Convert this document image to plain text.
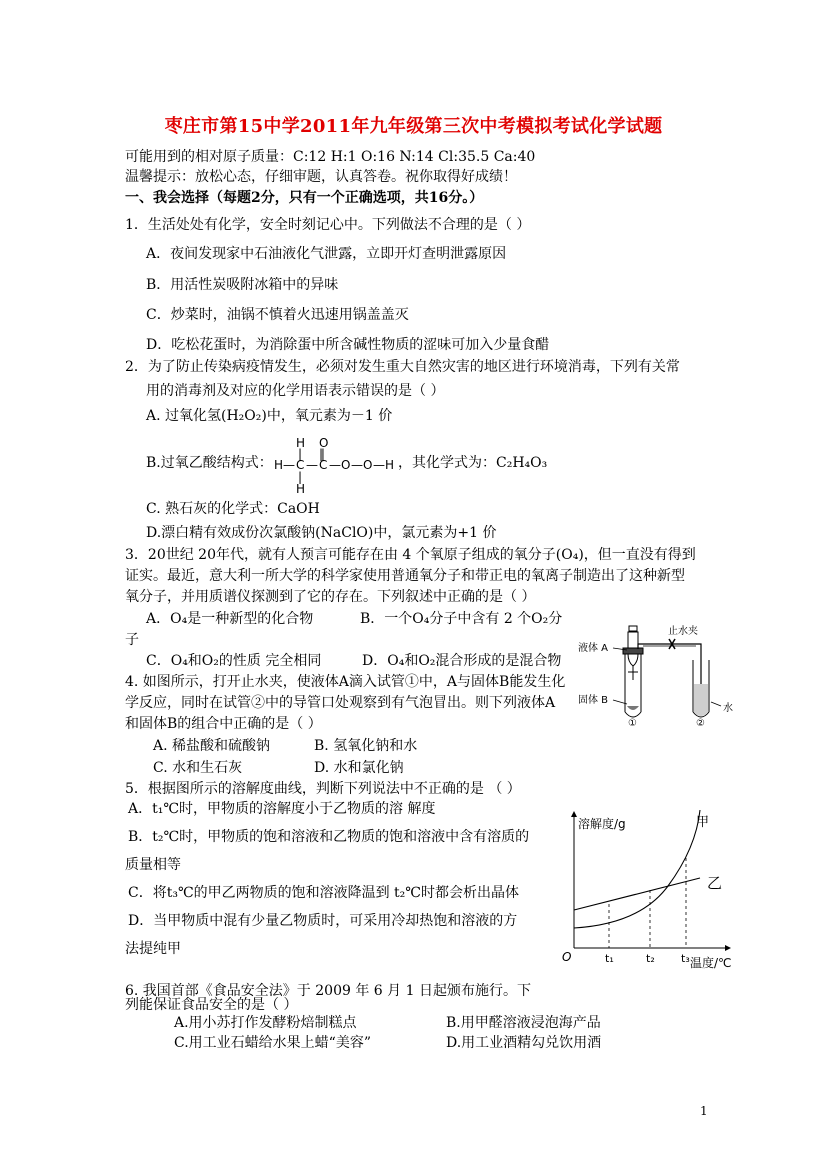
枣庄市第15中学2011年九年级第三次中考模拟考试化学试题
可能用到的相对原子质量：C:12 H:1 O:16 N:14 Cl:35.5 Ca:40
温馨提示：放松心态，仔细审题，认真答卷。祝你取得好成绩！
一、我会选择（每题2分，只有一个正确选项，共16分。）
1．生活处处有化学，安全时刻记心中。下列做法不合理的是（ ）
A．夜间发现家中石油液化气泄露，立即开灯查明泄露原因
B．用活性炭吸附冰箱中的异味
C．炒菜时，油锅不慎着火迅速用锅盖盖灭
D．吃松花蛋时，为消除蛋中所含碱性物质的涩味可加入少量食醋
2．为了防止传染病疫情发生，必须对发生重大自然灾害的地区进行环境消毒，下列有关常
用的消毒剂及对应的化学用语表示错误的是（ ）
A. 过氧化氢(H₂O₂)中，氧元素为－1 价
B.过氧乙酸结构式：
H O
| ‖
H — C — C — O — O — H
|
H
，其化学式为：C₂H₄O₃
C. 熟石灰的化学式：CaOH
D.漂白精有效成份次氯酸钠(NaClO)中，氯元素为+1 价
3．20世纪 20年代，就有人预言可能存在由 4 个氧原子组成的氧分子(O₄)，但一直没有得到
证实。最近，意大利一所大学的科学家使用普通氧分子和带正电的氧离子制造出了这种新型
氧分子，并用质谱仪探测到了它的存在。下列叙述中正确的是（ ）
A．O₄是一种新型的化合物	B．一个O₄分子中含有 2 个O₂分
子
C．O₄和O₂的性质 完全相同	D．O₄和O₂混合形成的是混合物
液体 A
止水夹
固体 B
①	②
水
4. 如图所示，打开止水夹，使液体A滴入试管①中，A与固体B能发生化
学反应，同时在试管②中的导管口处观察到有气泡冒出。则下列液体A
和固体B的组合中正确的是（ ）
A. 稀盐酸和硫酸钠	B. 氢氧化钠和水
C. 水和生石灰	D. 水和氯化钠
5．根据图所示的溶解度曲线，判断下列说法中不正确的是 （ ）
A．t₁℃时，甲物质的溶解度小于乙物质的溶 解度
B．t₂℃时，甲物质的饱和溶液和乙物质的饱和溶液中含有溶质的
质量相等
C．将t₃℃的甲乙两物质的饱和溶液降温到 t₂℃时都会析出晶体
D．当甲物质中混有少量乙物质时，可采用冷却热饱和溶液的方
法提纯甲
溶解度/g
温度/℃
O	t₁	t₂ t₃
甲
乙
6. 我国首部《食品安全法》于 2009 年 6 月 1 日起颁布施行。下
列能保证食品安全的是（ ）
A.用小苏打作发酵粉焙制糕点	B.用甲醛溶液浸泡海产品
C.用工业石蜡给水果上蜡“美容”	D.用工业酒精勾兑饮用酒
1
